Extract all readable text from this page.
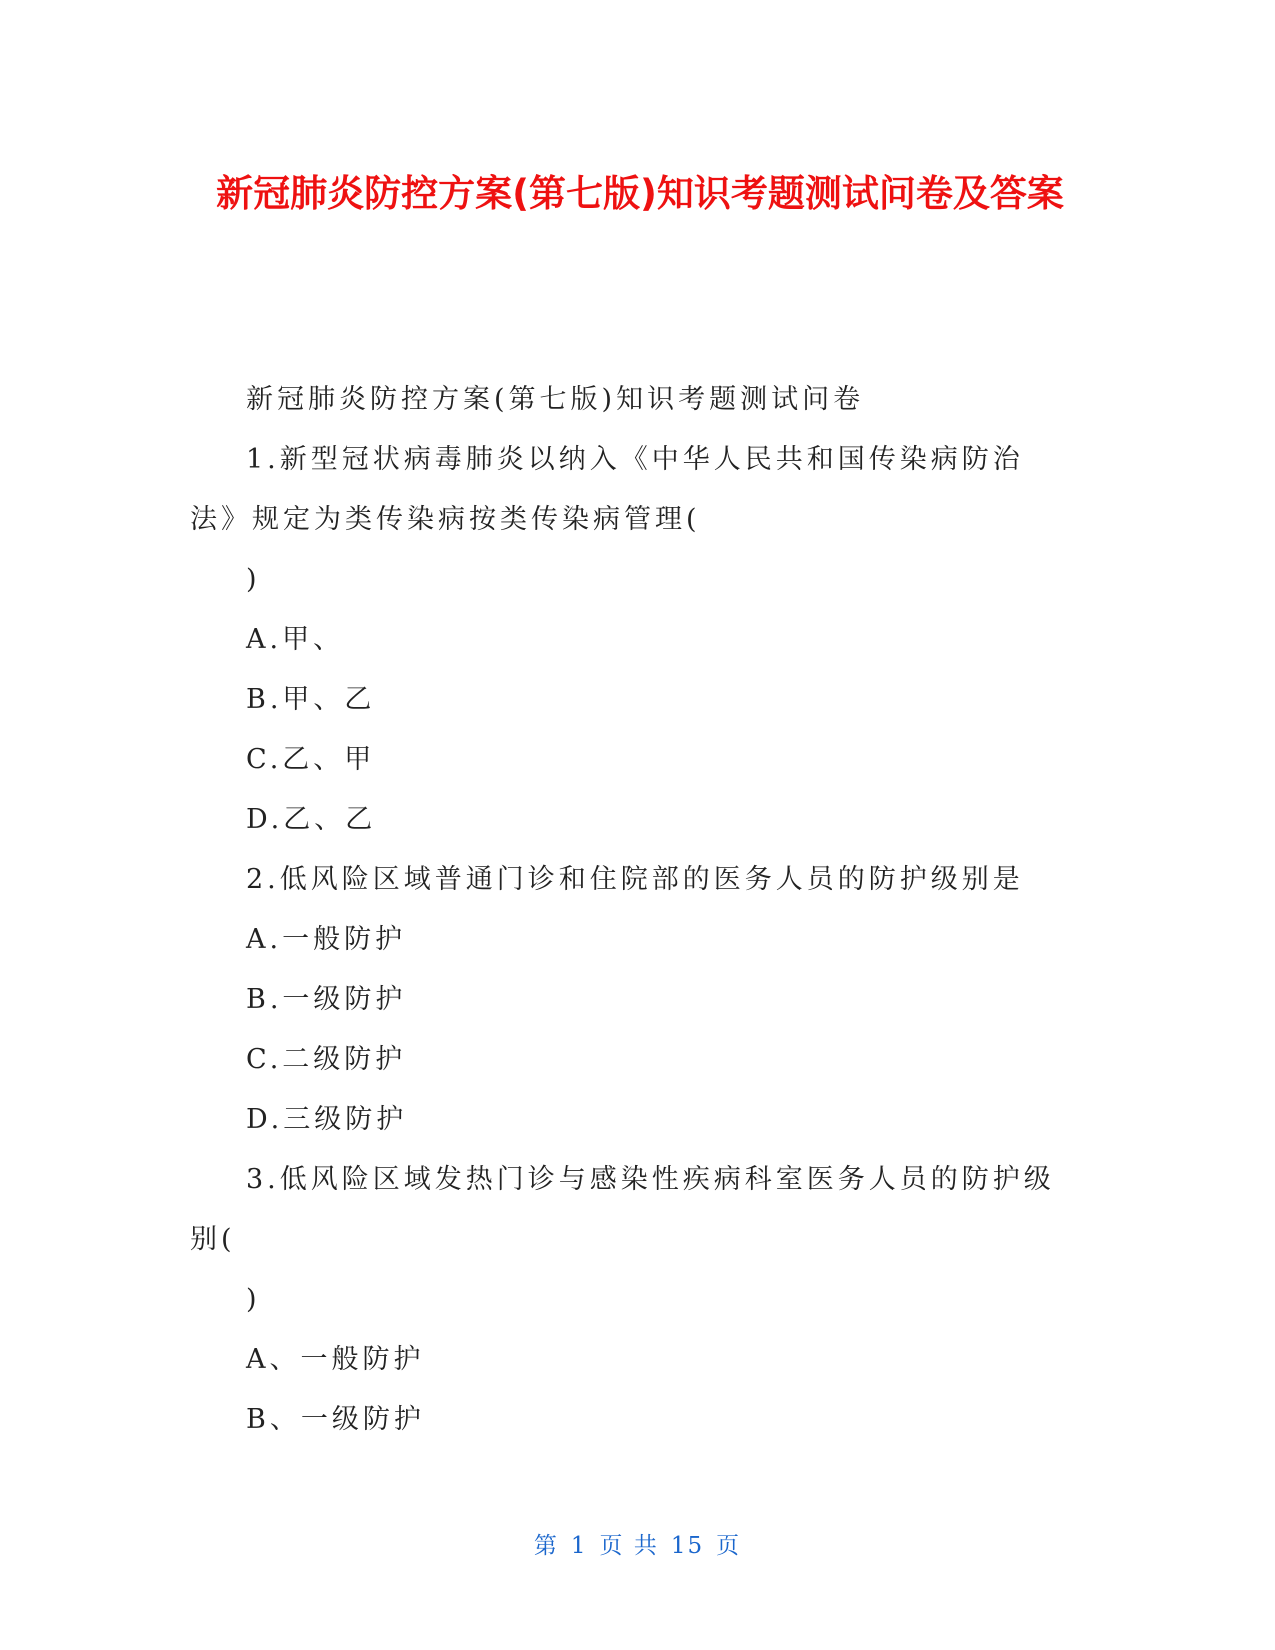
新冠肺炎防控方案(第七版)知识考题测试问卷及答案

新冠肺炎防控方案(第七版)知识考题测试问卷

1.新型冠状病毒肺炎以纳入《中华人民共和国传染病防治法》规定为类传染病按类传染病管理(

)

A.甲、

B.甲、乙

C.乙、甲

D.乙、乙

2.低风险区域普通门诊和住院部的医务人员的防护级别是

A.一般防护

B.一级防护

C.二级防护

D.三级防护

3.低风险区域发热门诊与感染性疾病科室医务人员的防护级别(

)

A、一般防护

B、一级防护

第 1 页 共 15 页
